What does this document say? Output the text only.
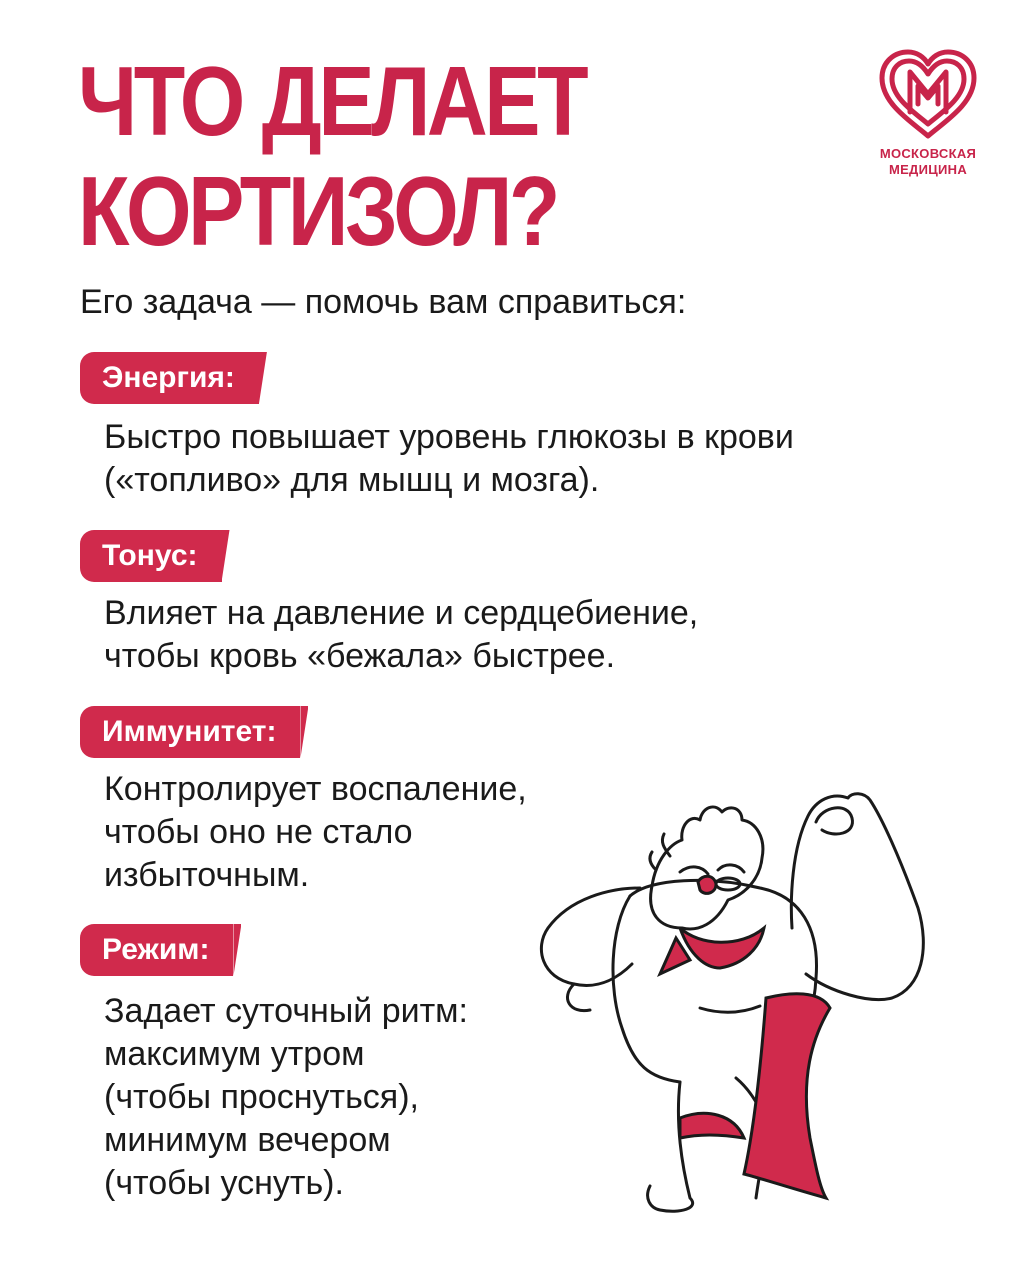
ЧТО ДЕЛАЕТ
КОРТИЗОЛ?
МОСКОВСКАЯ
МЕДИЦИНА
Его задача — помочь вам справиться:
Энергия:
Быстро повышает уровень глюкозы в крови
(«топливо» для мышц и мозга).
Тонус:
Влияет на давление и сердцебиение,
чтобы кровь «бежала» быстрее.
Иммунитет:
Контролирует воспаление,
чтобы оно не стало
избыточным.
Режим:
Задает суточный ритм:
максимум утром
(чтобы проснуться),
минимум вечером
(чтобы уснуть).
